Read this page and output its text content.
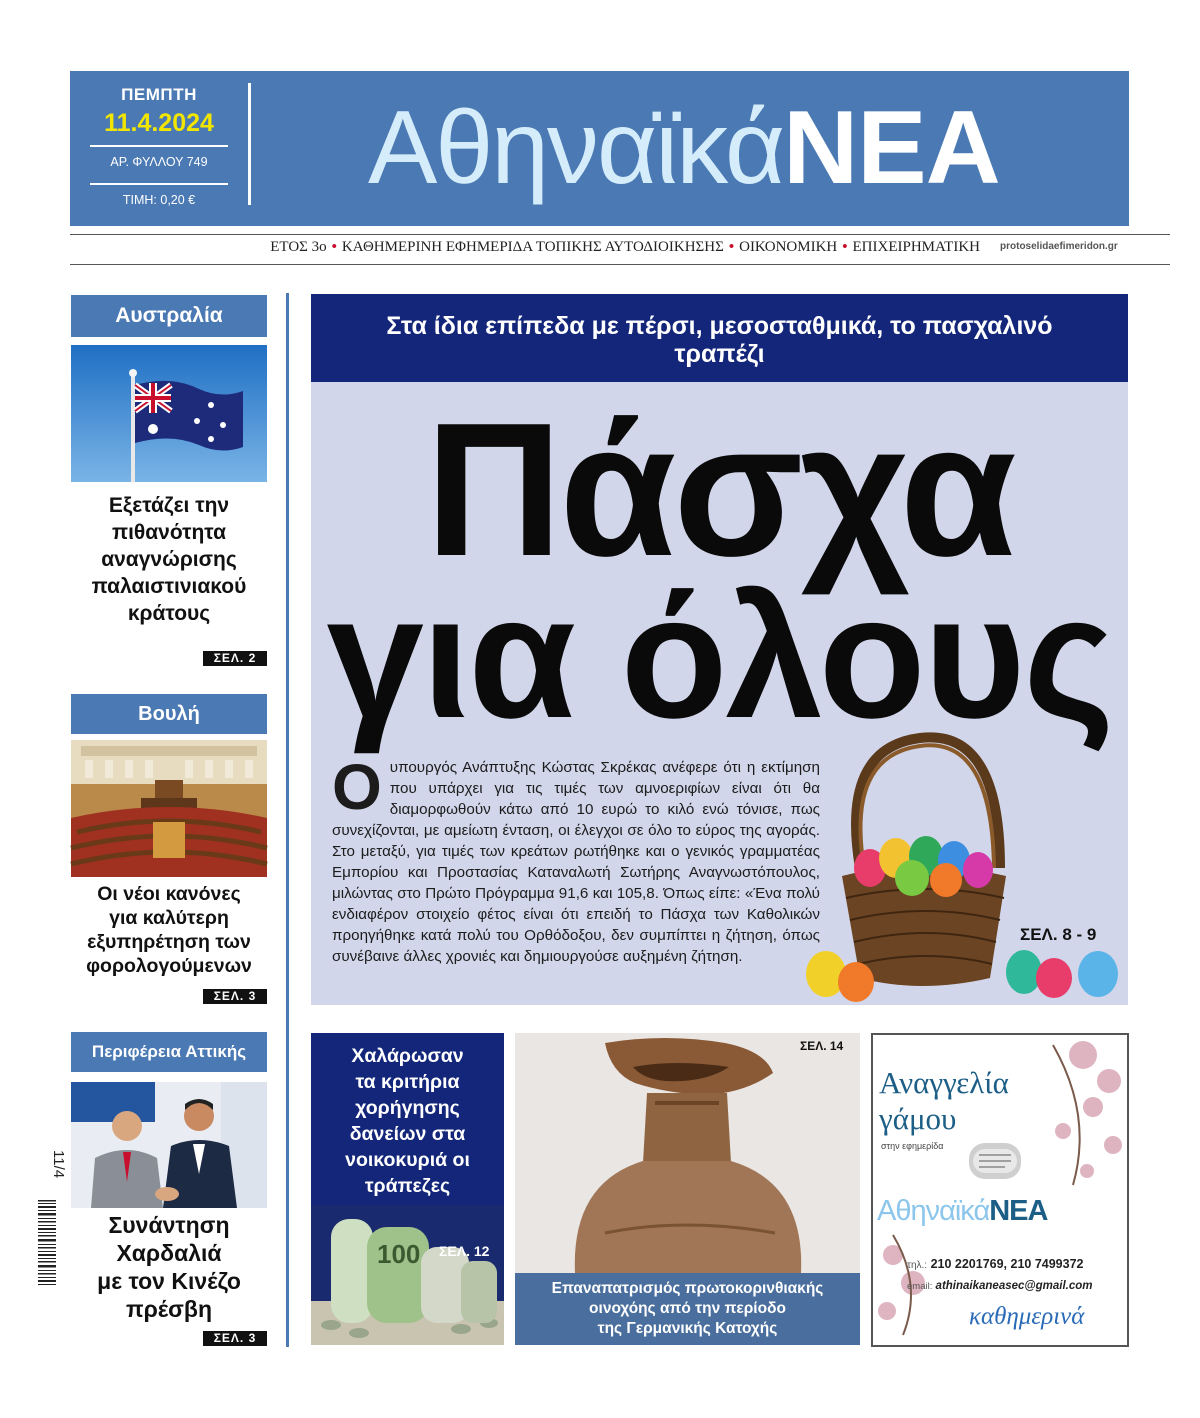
ΠΕΜΠΤΗ
11.4.2024
ΑΡ. ΦΥΛΛΟΥ 749
ΤΙΜΗ: 0,20 €	ΑθηναϊκάΝΕΑ
ΕΤΟΣ 3ο • ΚΑΘΗΜΕΡΙΝΗ ΕΦΗΜΕΡΙΔΑ ΤΟΠΙΚΗΣ ΑΥΤΟΔΙΟΙΚΗΣΗΣ • ΟΙΚΟΝΟΜΙΚΗ • ΕΠΙΧΕΙΡΗΜΑΤΙΚΗ protoselidaefimeridon.gr
Αυστραλία
Εξετάζει την
πιθανότητα
αναγνώρισης
παλαιστινιακού
κράτους
ΣΕΛ. 2
Βουλή
Οι νέοι κανόνες
για καλύτερη
εξυπηρέτηση των
φορολογούμενων
ΣΕΛ. 3
Περιφέρεια Αττικής
Συνάντηση
Χαρδαλιά
με τον Κινέζο
πρέσβη
ΣΕΛ. 3
11/4
Στα ίδια επίπεδα με πέρσι, μεσοσταθμικά, το πασχαλινό τραπέζι
Πάσχα
για όλους
Ουπουργός Ανάπτυξης Κώστας Σκρέκας ανέφερε ότι η εκτίμηση που υπάρχει για τις τιμές των αμνοεριφίων είναι ότι θα διαμορφωθούν κάτω από 10 ευρώ το κιλό ενώ τόνισε, πως συνεχίζονται, με αμείωτη ένταση, οι έλεγχοι σε όλο το εύρος της αγοράς. Στο μεταξύ, για τιμές των κρεάτων ρωτήθηκε και ο γενικός γραμματέας Εμπορίου και Προστασίας Καταναλωτή Σωτήρης Αναγνωστόπουλος, μιλώντας στο Πρώτο Πρόγραμμα 91,6 και 105,8. Όπως είπε: «Ένα πολύ ενδιαφέρον στοιχείο φέτος είναι ότι επειδή το Πάσχα των Καθολικών προηγήθηκε κατά πολύ του Ορθόδοξου, δεν συμπίπτει η ζήτηση, όπως συνέβαινε άλλες χρονιές και δημιουργούσε αυξημένη ζήτηση.
ΣΕΛ. 8 - 9
Χαλάρωσαν
τα κριτήρια
χορήγησης
δανείων στα
νοικοκυριά οι
τράπεζες
100 ΣΕΛ. 12
ΣΕΛ. 14
Επαναπατρισμός πρωτοκορινθιακής
οινοχόης από την περίοδο
της Γερμανικής Κατοχής
Αναγγελία
γάμου
στην εφημερίδα
ΑθηναϊκάΝΕΑ
τηλ.: 210 2201769, 210 7499372
email: athinaikaneasec@gmail.com
καθημερινά
